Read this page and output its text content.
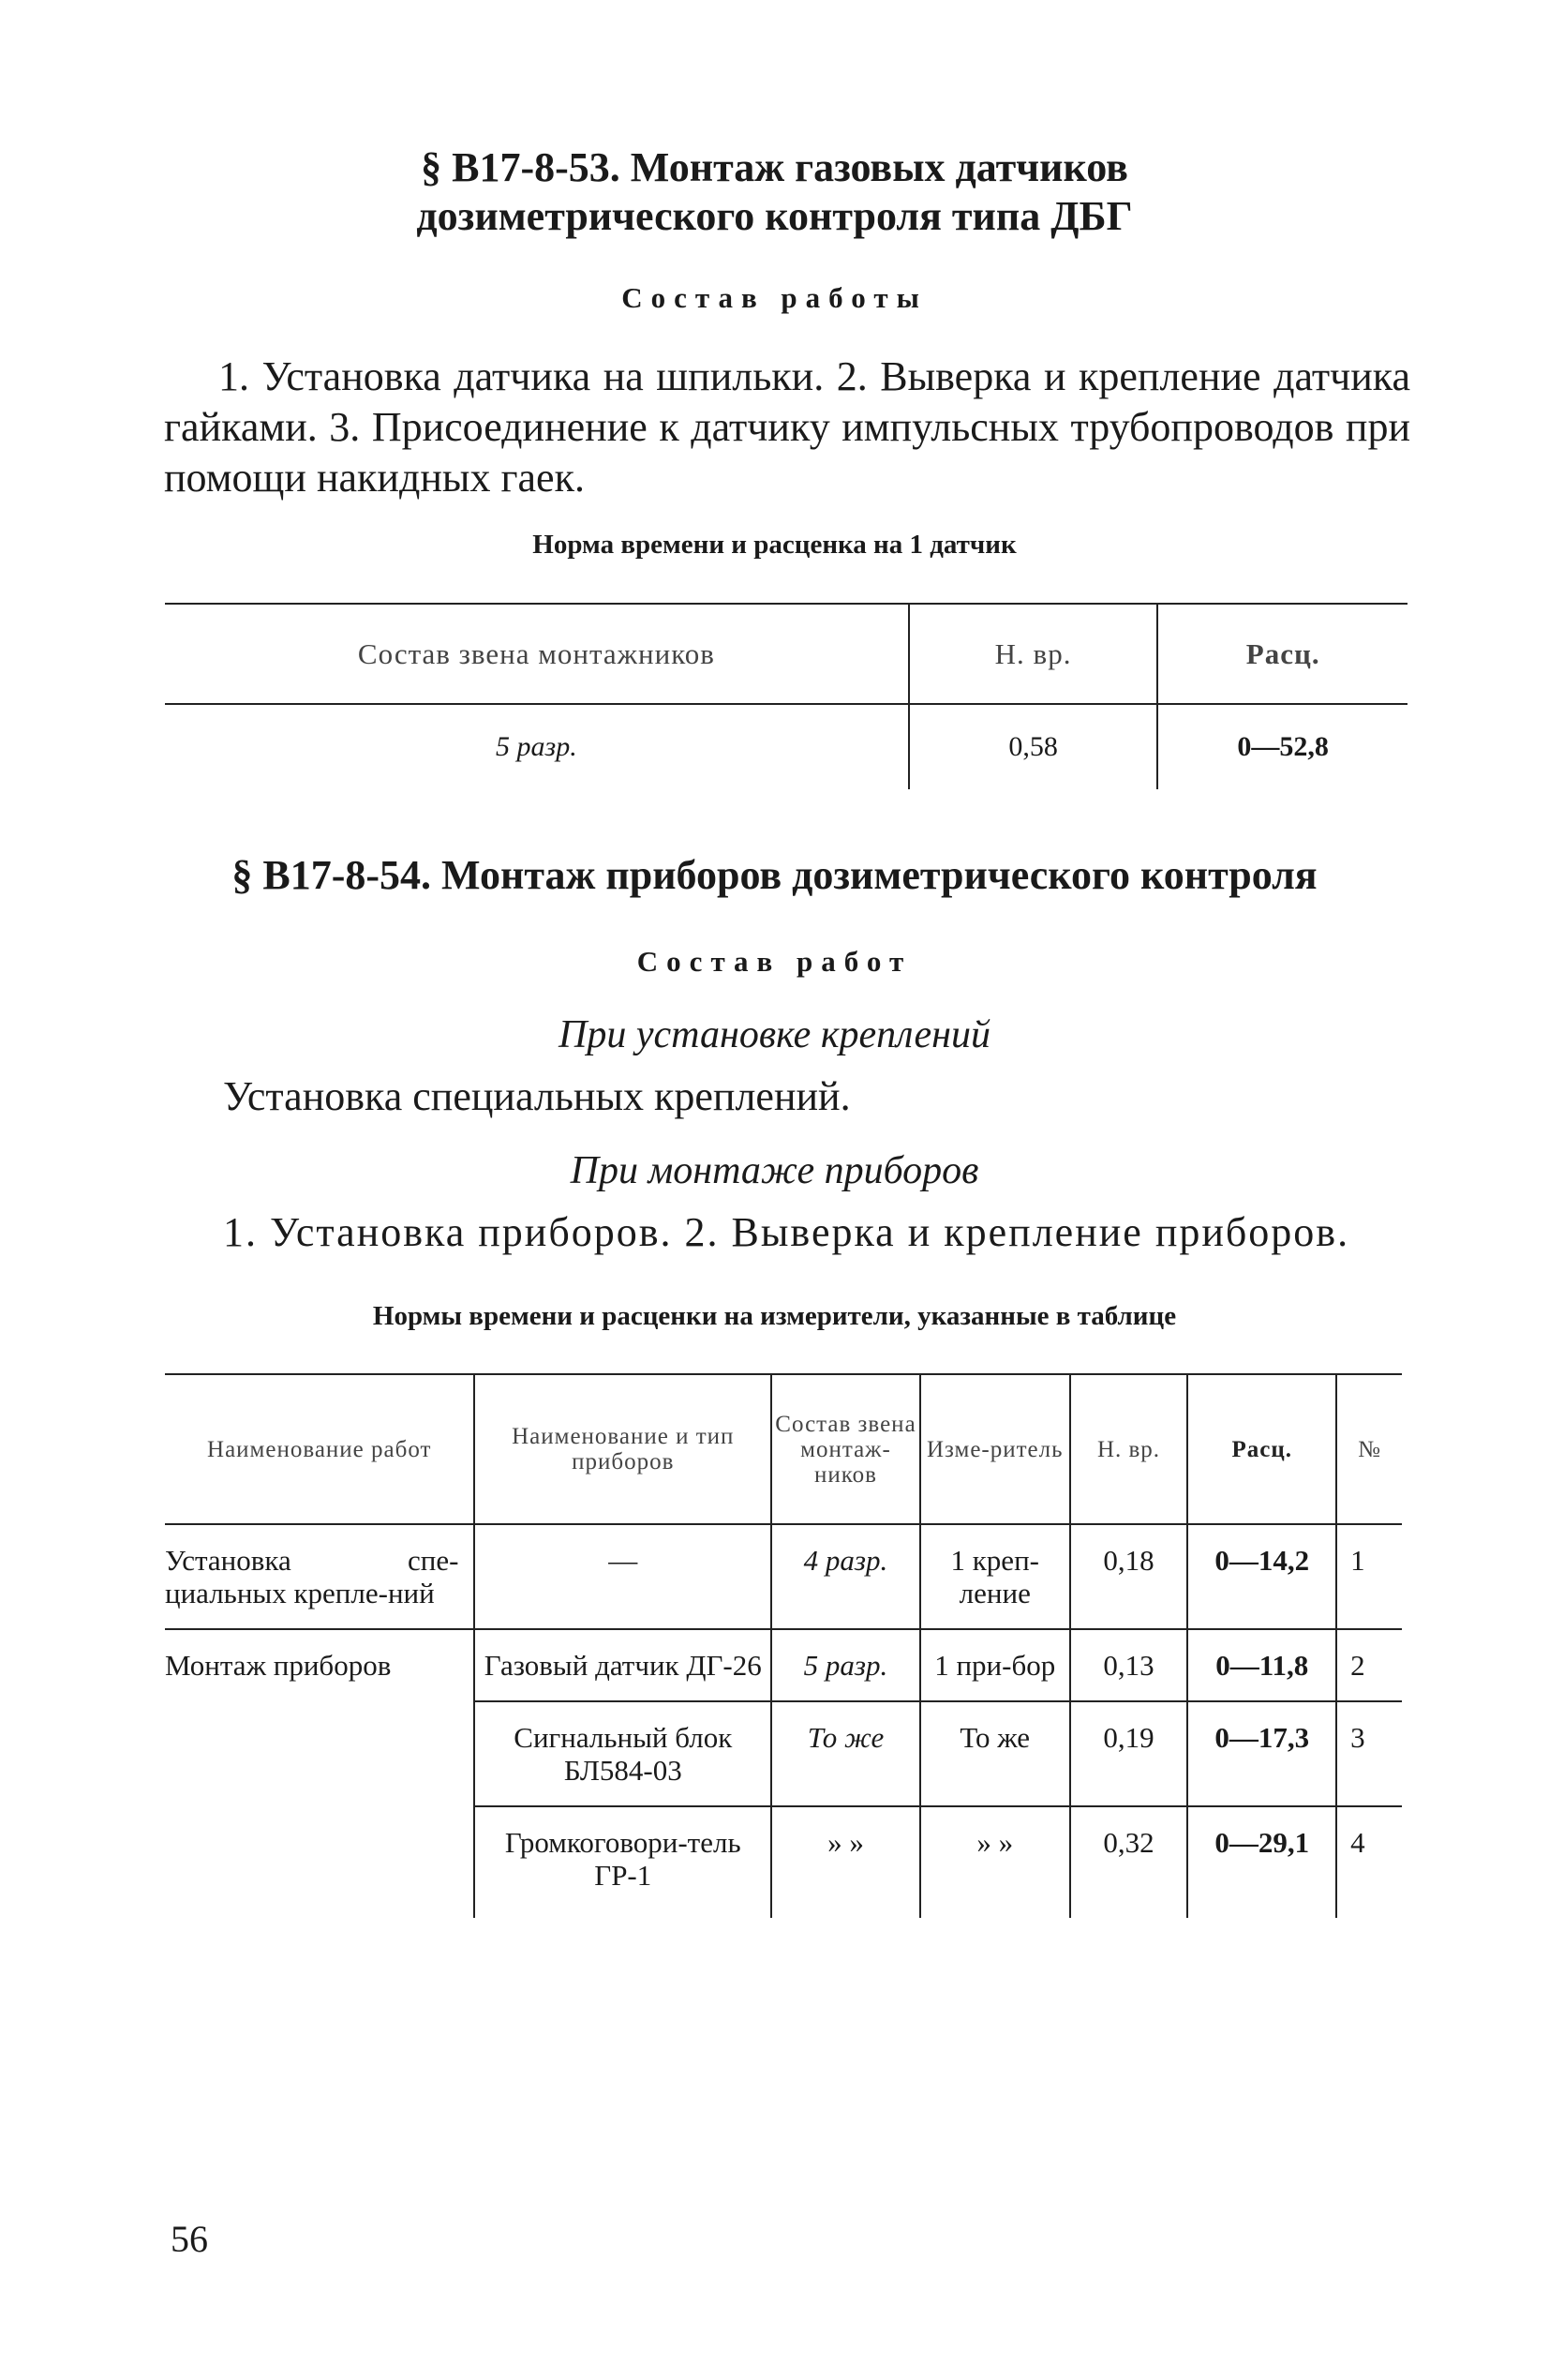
§ В17-8-53. Монтаж газовых датчиков
дозиметрического контроля типа ДБГ
Состав работы
1. Установка датчика на шпильки. 2. Выверка и крепление датчика гайками. 3. Присоединение к датчику импульсных трубопроводов при помощи накидных гаек.
Норма времени и расценка на 1 датчик
Состав звена монтажников	Н. вр.	Расц.
5 разр.	0,58	0—52,8
§ В17-8-54. Монтаж приборов дозиметрического контроля
Состав работ
При установке креплений
Установка специальных креплений.
При монтаже приборов
1. Установка приборов. 2. Выверка и крепление приборов.
Нормы времени и расценки на измерители, указанные в таблице
Наименование работ	Наименование и тип приборов	Состав звена монтаж-ников	Изме-ритель	Н. вр.	Расц.	№
Установка спе-циальных крепле-ний	—	4 разр.	1 креп-ление	0,18	0—14,2	1
Монтаж приборов	Газовый датчик ДГ-26	5 разр.	1 при-бор	0,13	0—11,8	2
	Сигнальный блок БЛ584-03	То же	То же	0,19	0—17,3	3
	Громкоговори-тель ГР-1	» »	» »	0,32	0—29,1	4
56
